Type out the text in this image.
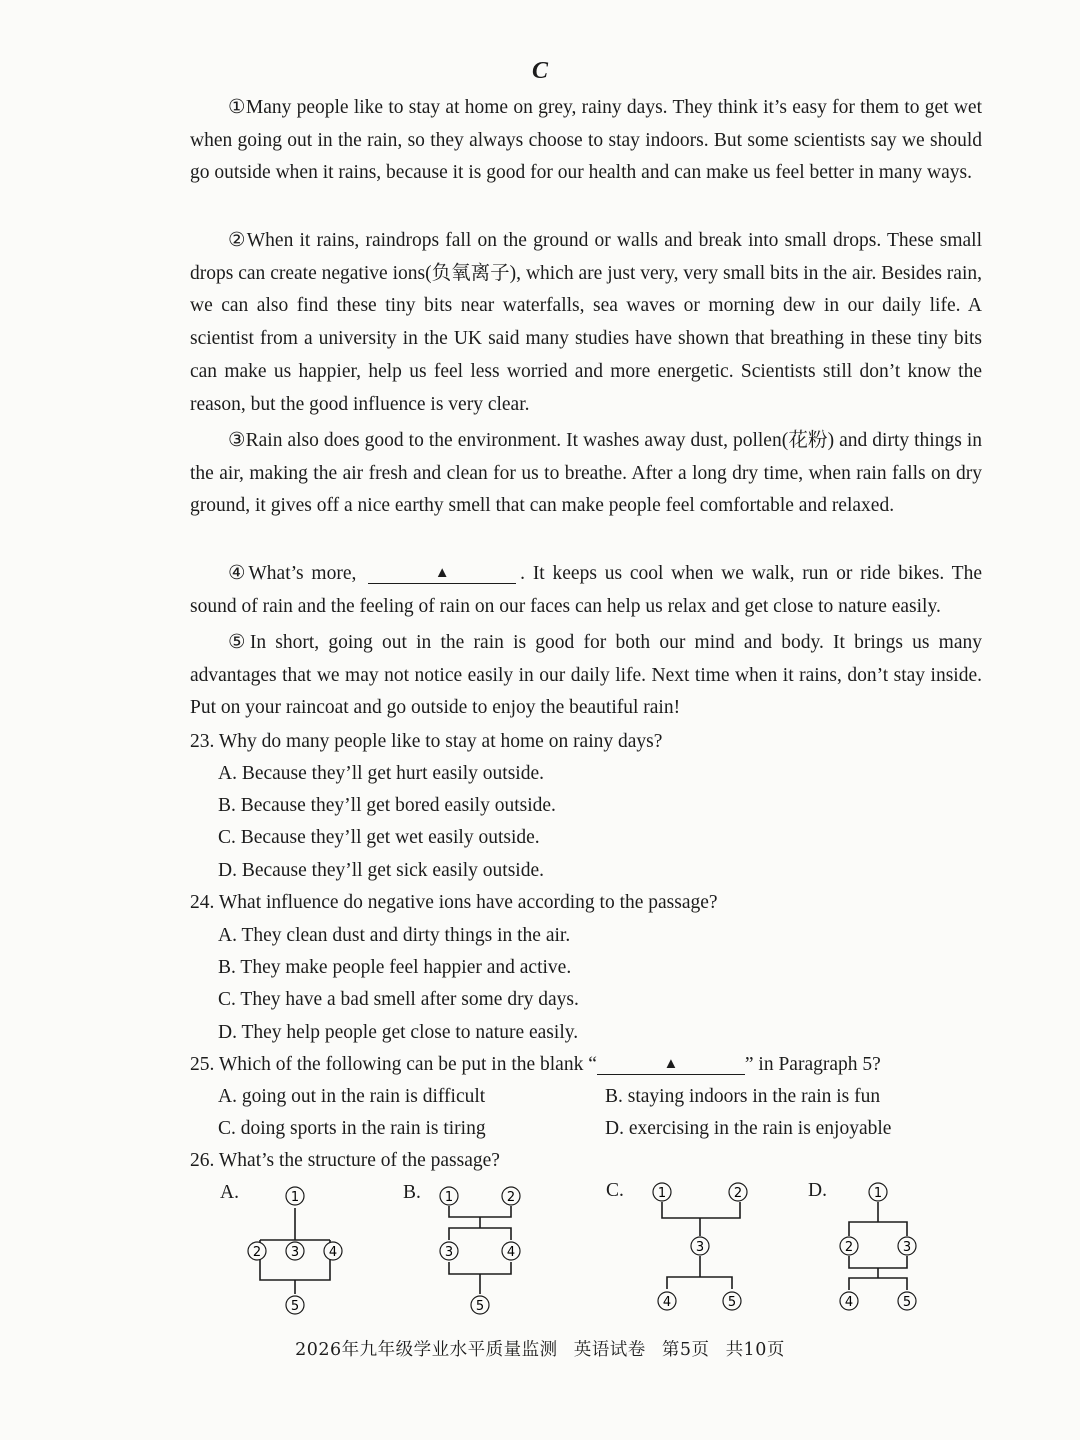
C

①Many people like to stay at home on grey, rainy days. They think it’s easy for them to get wet when going out in the rain, so they always choose to stay indoors. But some scientists say we should go outside when it rains, because it is good for our health and can make us feel better in many ways.

②When it rains, raindrops fall on the ground or walls and break into small drops. These small drops can create negative ions(负氧离子), which are just very, very small bits in the air. Besides rain, we can also find these tiny bits near waterfalls, sea waves or morning dew in our daily life. A scientist from a university in the UK said many studies have shown that breathing in these tiny bits can make us happier, help us feel less worried and more energetic. Scientists still don’t know the reason, but the good influence is very clear.

③Rain also does good to the environment. It washes away dust, pollen(花粉) and dirty things in the air, making the air fresh and clean for us to breathe. After a long dry time, when rain falls on dry ground, it gives off a nice earthy smell that can make people feel comfortable and relaxed.

④What’s more,	▲	. It keeps us cool when we walk, run or ride bikes. The sound of rain and the feeling of rain on our faces can help us relax and get close to nature easily.

⑤In short, going out in the rain is good for both our mind and body. It brings us many advantages that we may not notice easily in our daily life. Next time when it rains, don’t stay inside. Put on your raincoat and go outside to enjoy the beautiful rain!

23. Why do many people like to stay at home on rainy days?
A. Because they’ll get hurt easily outside.
B. Because they’ll get bored easily outside.
C. Because they’ll get wet easily outside.
D. Because they’ll get sick easily outside.
24. What influence do negative ions have according to the passage?
A. They clean dust and dirty things in the air.
B. They make people feel happier and active.
C. They have a bad smell after some dry days.
D. They help people get close to nature easily.
25. Which of the following can be put in the blank “	▲	” in Paragraph 5?
A. going out in the rain is difficult	B. staying indoors in the rain is fun
C. doing sports in the rain is tiring	D. exercising in the rain is enjoyable
26. What’s the structure of the passage?
A.	B.	C.	D.
1
2 3 4
5
1	2
3	4
5
1	2
3
4	5
1
2	3
4	5
2026年九年级学业水平质量监测 英语试卷 第5页 共10页
